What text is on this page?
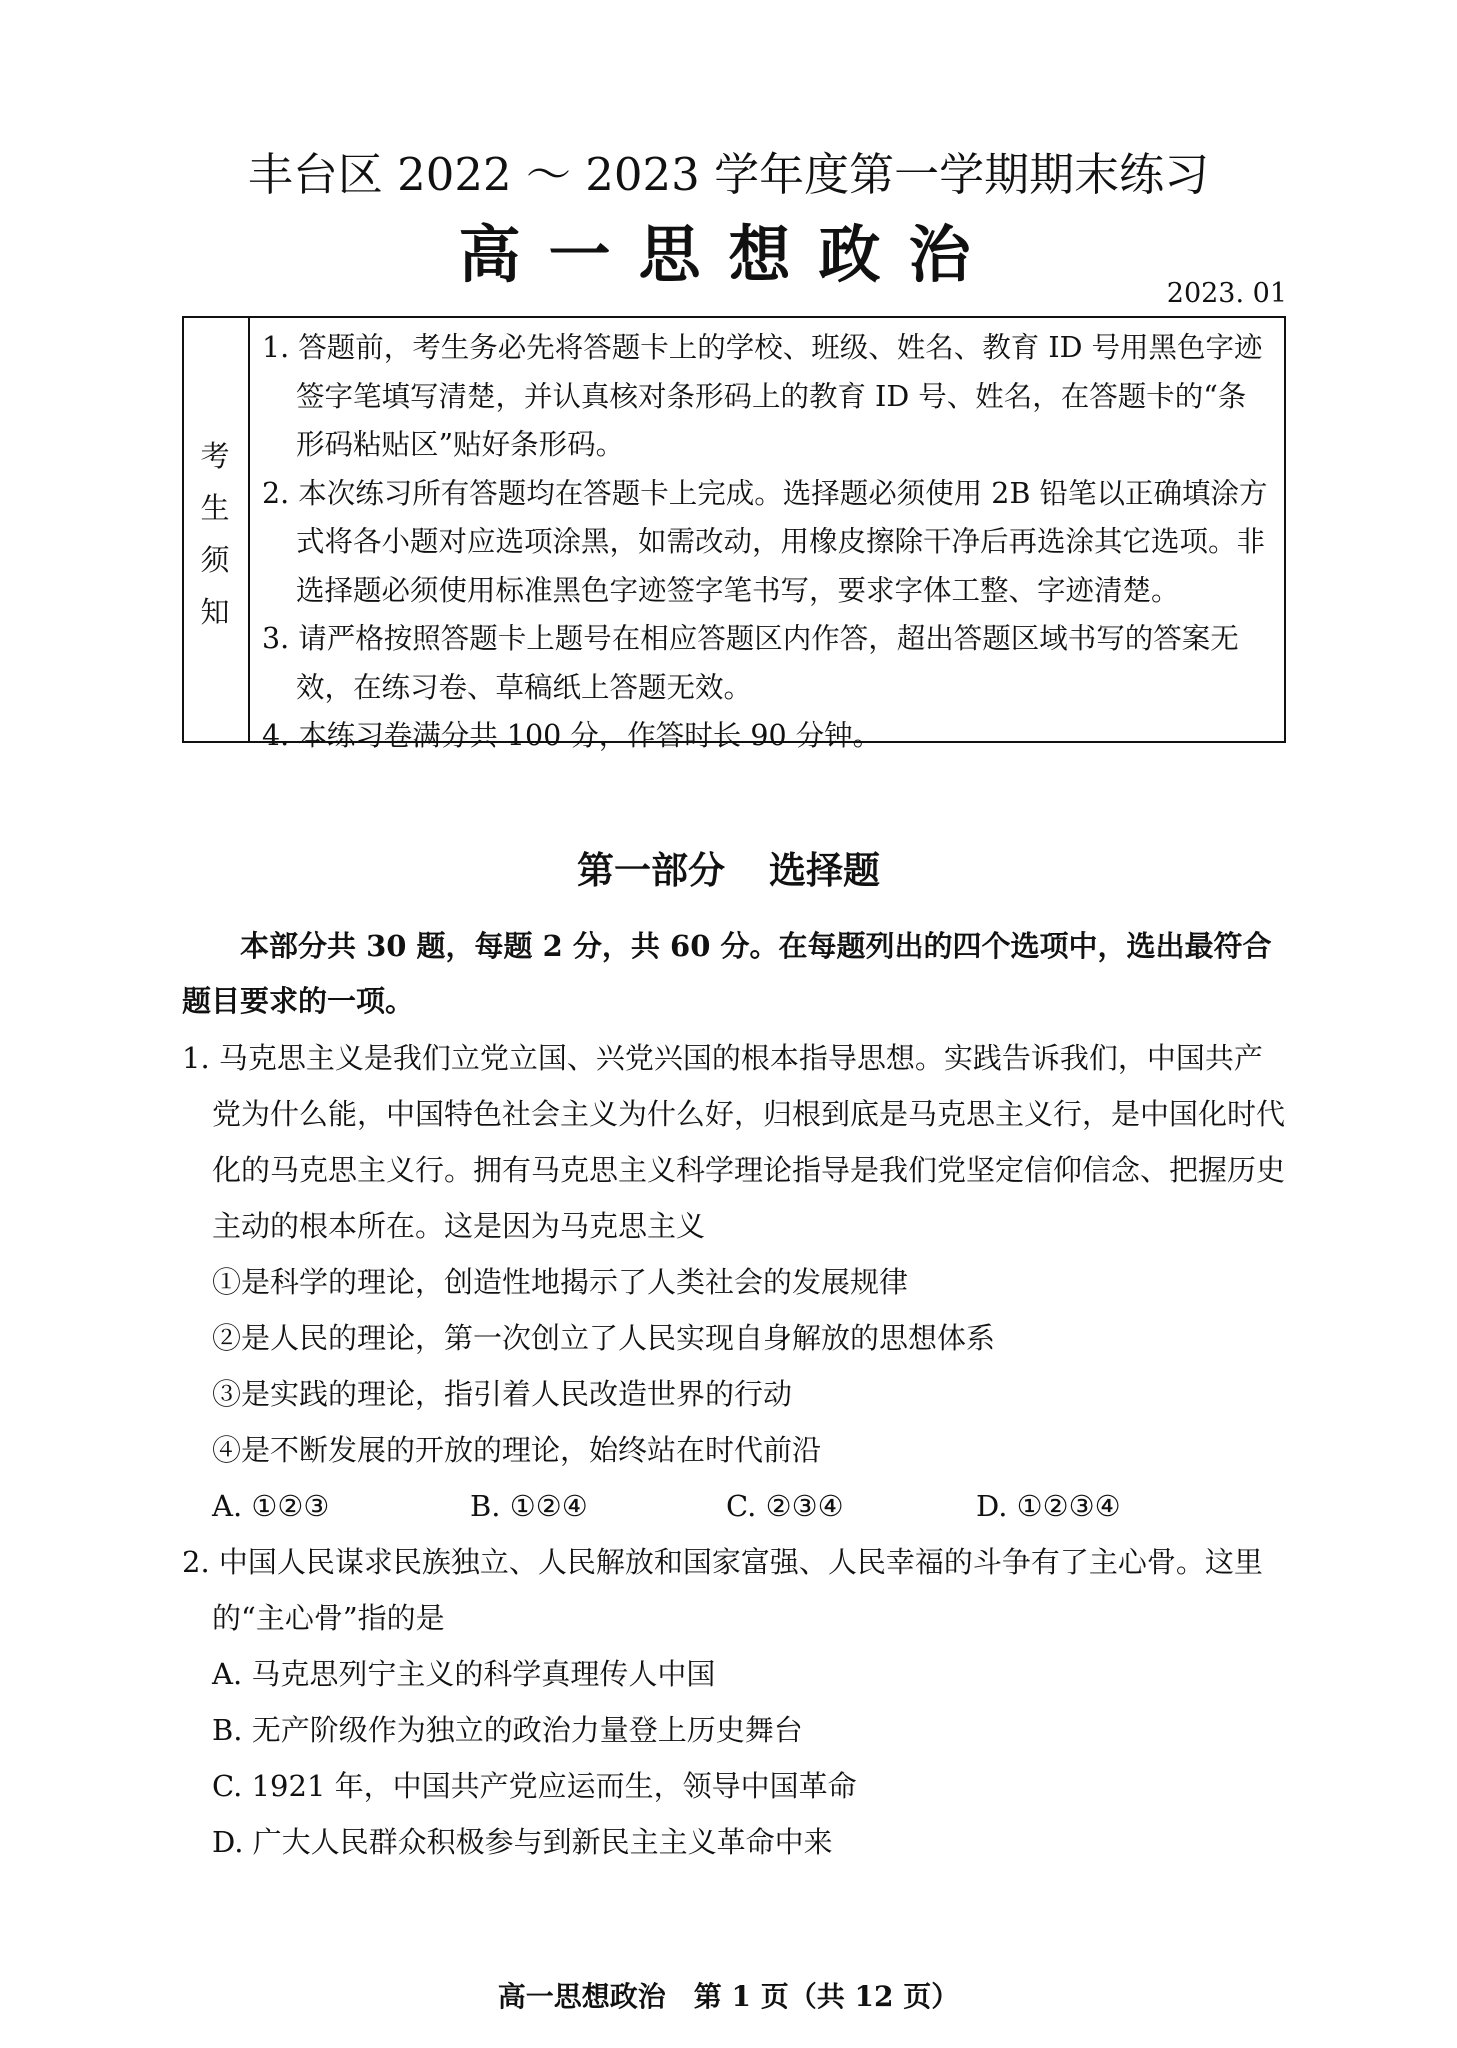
丰台区 2022 ～ 2023 学年度第一学期期末练习
高一思想政治
2023. 01
考
生
须
知
1. 答题前，考生务必先将答题卡上的学校、班级、姓名、教育 ID 号用黑色字迹签字笔填写清楚，并认真核对条形码上的教育 ID 号、姓名，在答题卡的“条形码粘贴区”贴好条形码。
2. 本次练习所有答题均在答题卡上完成。选择题必须使用 2B 铅笔以正确填涂方式将各小题对应选项涂黑，如需改动，用橡皮擦除干净后再选涂其它选项。非选择题必须使用标准黑色字迹签字笔书写，要求字体工整、字迹清楚。
3. 请严格按照答题卡上题号在相应答题区内作答，超出答题区域书写的答案无效，在练习卷、草稿纸上答题无效。
4. 本练习卷满分共 100 分，作答时长 90 分钟。
第一部分 选择题
本部分共 30 题，每题 2 分，共 60 分。在每题列出的四个选项中，选出最符合题目要求的一项。
1. 马克思主义是我们立党立国、兴党兴国的根本指导思想。实践告诉我们，中国共产党为什么能，中国特色社会主义为什么好，归根到底是马克思主义行，是中国化时代化的马克思主义行。拥有马克思主义科学理论指导是我们党坚定信仰信念、把握历史主动的根本所在。这是因为马克思主义
①是科学的理论，创造性地揭示了人类社会的发展规律
②是人民的理论，第一次创立了人民实现自身解放的思想体系
③是实践的理论，指引着人民改造世界的行动
④是不断发展的开放的理论，始终站在时代前沿
A. ①②③	B. ①②④	C. ②③④	D. ①②③④
2. 中国人民谋求民族独立、人民解放和国家富强、人民幸福的斗争有了主心骨。这里的“主心骨”指的是
A. 马克思列宁主义的科学真理传人中国
B. 无产阶级作为独立的政治力量登上历史舞台
C. 1921 年，中国共产党应运而生，领导中国革命
D. 广大人民群众积极参与到新民主主义革命中来
高一思想政治　第 1 页（共 12 页）
